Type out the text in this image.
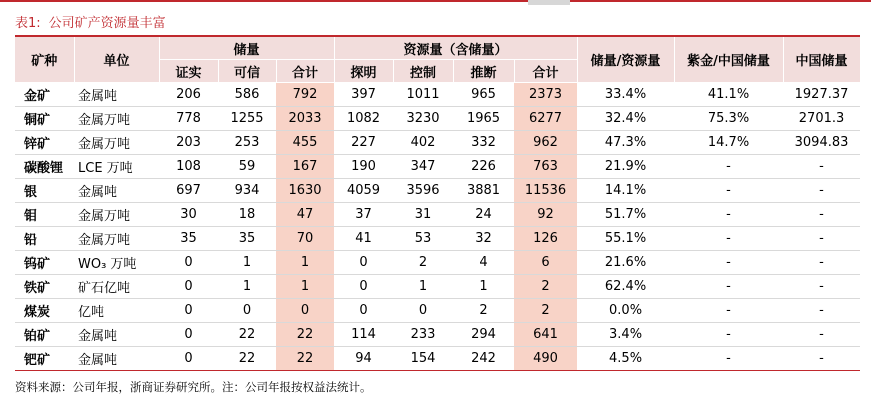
表1: 公司矿产资源量丰富
矿种	单位	储量			资源量（含储量）				储量/资源量	紫金/中国储量	中国储量
		证实	可信	合计	探明	控制	推断	合计			
金矿	金属吨	206	586	792	397	1011	965	2373	33.4%	41.1%	1927.37
铜矿	金属万吨	778	1255	2033	1082	3230	1965	6277	32.4%	75.3%	2701.3
锌矿	金属万吨	203	253	455	227	402	332	962	47.3%	14.7%	3094.83
碳酸锂	LCE 万吨	108	59	167	190	347	226	763	21.9%	-	-
银	金属吨	697	934	1630	4059	3596	3881	11536	14.1%	-	-
钼	金属万吨	30	18	47	37	31	24	92	51.7%	-	-
铅	金属万吨	35	35	70	41	53	32	126	55.1%	-	-
钨矿	WO₃ 万吨	0	1	1	0	2	4	6	21.6%	-	-
铁矿	矿石亿吨	0	1	1	0	1	1	2	62.4%	-	-
煤炭	亿吨	0	0	0	0	0	2	2	0.0%	-	-
铂矿	金属吨	0	22	22	114	233	294	641	3.4%	-	-
钯矿	金属吨	0	22	22	94	154	242	490	4.5%	-	-
资料来源：公司年报，浙商证券研究所。注：公司年报按权益法统计。
